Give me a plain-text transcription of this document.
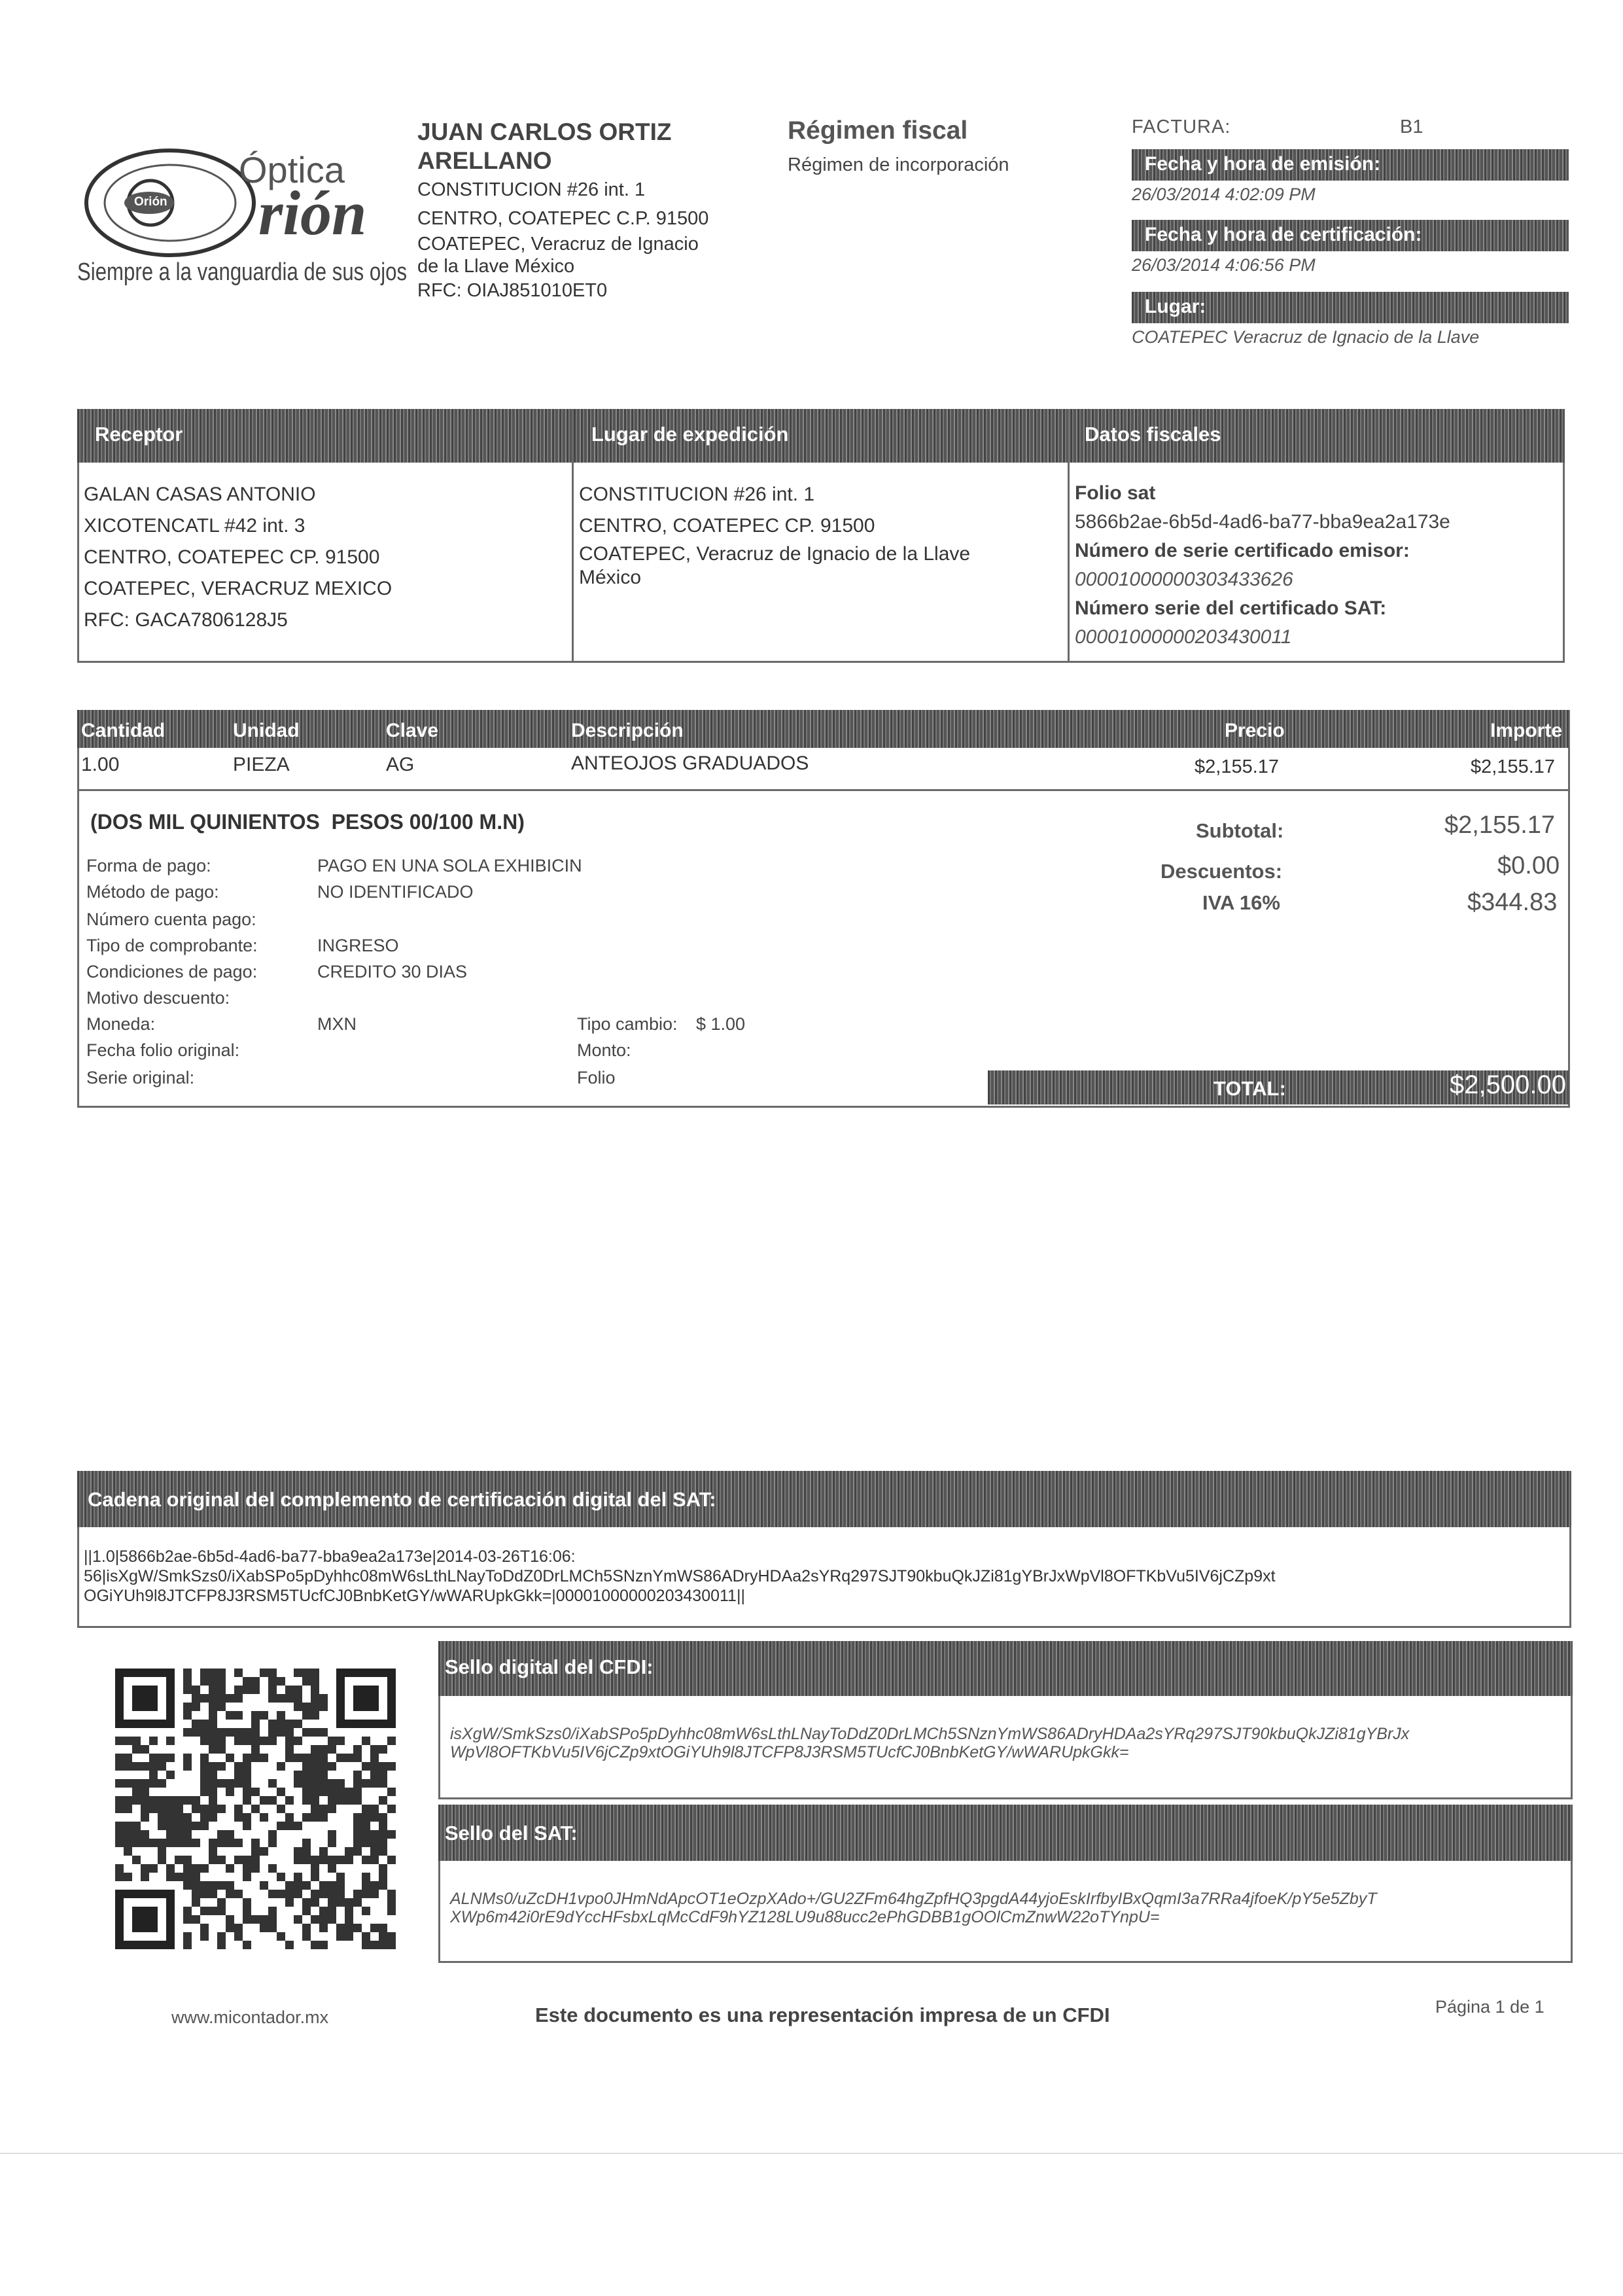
Orión
Óptica
rión
Siempre a la vanguardia de sus ojos
JUAN CARLOS ORTIZ
ARELLANO
CONSTITUCION #26 int. 1
CENTRO, COATEPEC C.P. 91500
COATEPEC, Veracruz de Ignacio
de la Llave México
RFC: OIAJ851010ET0
Régimen fiscal
Régimen de incorporación
FACTURA:	B1
Fecha y hora de emisión:
26/03/2014 4:02:09 PM
Fecha y hora de certificación:
26/03/2014 4:06:56 PM
Lugar:
COATEPEC Veracruz de Ignacio de la Llave
Receptor	Lugar de expedición	Datos fiscales
GALAN CASAS ANTONIO
XICOTENCATL #42 int. 3
CENTRO, COATEPEC CP. 91500
COATEPEC, VERACRUZ MEXICO
RFC: GACA7806128J5
CONSTITUCION #26 int. 1
CENTRO, COATEPEC CP. 91500
COATEPEC, Veracruz de Ignacio de la Llave
México
Folio sat
5866b2ae-6b5d-4ad6-ba77-bba9ea2a173e
Número de serie certificado emisor:
00001000000303433626
Número serie del certificado SAT:
00001000000203430011
Cantidad	Unidad	Clave	Descripción	Precio	Importe
1.00	PIEZA	AG	ANTEOJOS GRADUADOS	$2,155.17	$2,155.17
(DOS MIL QUINIENTOS  PESOS 00/100 M.N)
Forma de pago:	PAGO EN UNA SOLA EXHIBICIN
Método de pago:	NO IDENTIFICADO
Número cuenta pago:
Tipo de comprobante:	INGRESO
Condiciones de pago:	CREDITO 30 DIAS
Motivo descuento:
Moneda:	MXN	Tipo cambio: $ 1.00
Fecha folio original:	Monto:
Serie original:	Folio
Subtotal:	$2,155.17
Descuentos:	$0.00
IVA 16%	$344.83
TOTAL:	$2,500.00
Cadena original del complemento de certificación digital del SAT:
||1.0|5866b2ae-6b5d-4ad6-ba77-bba9ea2a173e|2014-03-26T16:06:
56|isXgW/SmkSzs0/iXabSPo5pDyhhc08mW6sLthLNayToDdZ0DrLMCh5SNznYmWS86ADryHDAa2sYRq297SJT90kbuQkJZi81gYBrJxWpVl8OFTKbVu5IV6jCZp9xt
OGiYUh9l8JTCFP8J3RSM5TUcfCJ0BnbKetGY/wWARUpkGkk=|00001000000203430011||
Sello digital del CFDI:
isXgW/SmkSzs0/iXabSPo5pDyhhc08mW6sLthLNayToDdZ0DrLMCh5SNznYmWS86ADryHDAa2sYRq297SJT90kbuQkJZi81gYBrJx
WpVl8OFTKbVu5IV6jCZp9xtOGiYUh9l8JTCFP8J3RSM5TUcfCJ0BnbKetGY/wWARUpkGkk=
Sello del SAT:
ALNMs0/uZcDH1vpo0JHmNdApcOT1eOzpXAdo+/GU2ZFm64hgZpfHQ3pgdA44yjoEskIrfbyIBxQqmI3a7RRa4jfoeK/pY5e5ZbyT
XWp6m42i0rE9dYccHFsbxLqMcCdF9hYZ128LU9u88ucc2ePhGDBB1gOOlCmZnwW22oTYnpU=
www.micontador.mx	Este documento es una representación impresa de un CFDI	Página 1 de 1
